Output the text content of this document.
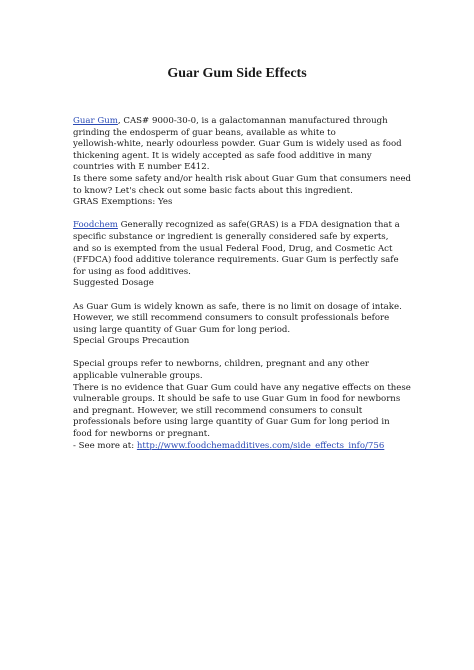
Guar Gum Side Effects

Guar Gum, CAS# 9000-30-0, is a galactomannan manufactured through

grinding the endosperm of guar beans, available as white to

yellowish-white, nearly odourless powder. Guar Gum is widely used as food

thickening agent. It is widely accepted as safe food additive in many

countries with E number E412.

Is there some safety and/or health risk about Guar Gum that consumers need

to know? Let's check out some basic facts about this ingredient.

GRAS Exemptions: Yes

Foodchem Generally recognized as safe(GRAS) is a FDA designation that a

specific substance or ingredient is generally considered safe by experts,

and so is exempted from the usual Federal Food, Drug, and Cosmetic Act

(FFDCA) food additive tolerance requirements. Guar Gum is perfectly safe

for using as food additives.

Suggested Dosage

As Guar Gum is widely known as safe, there is no limit on dosage of intake.

However, we still recommend consumers to consult professionals before

using large quantity of Guar Gum for long period.

Special Groups Precaution

Special groups refer to newborns, children, pregnant and any other

applicable vulnerable groups.

There is no evidence that Guar Gum could have any negative effects on these

vulnerable groups. It should be safe to use Guar Gum in food for newborns

and pregnant. However, we still recommend consumers to consult

professionals before using large quantity of Guar Gum for long period in

food for newborns or pregnant.

- See more at: http://www.foodchemadditives.com/side_effects_info/756
